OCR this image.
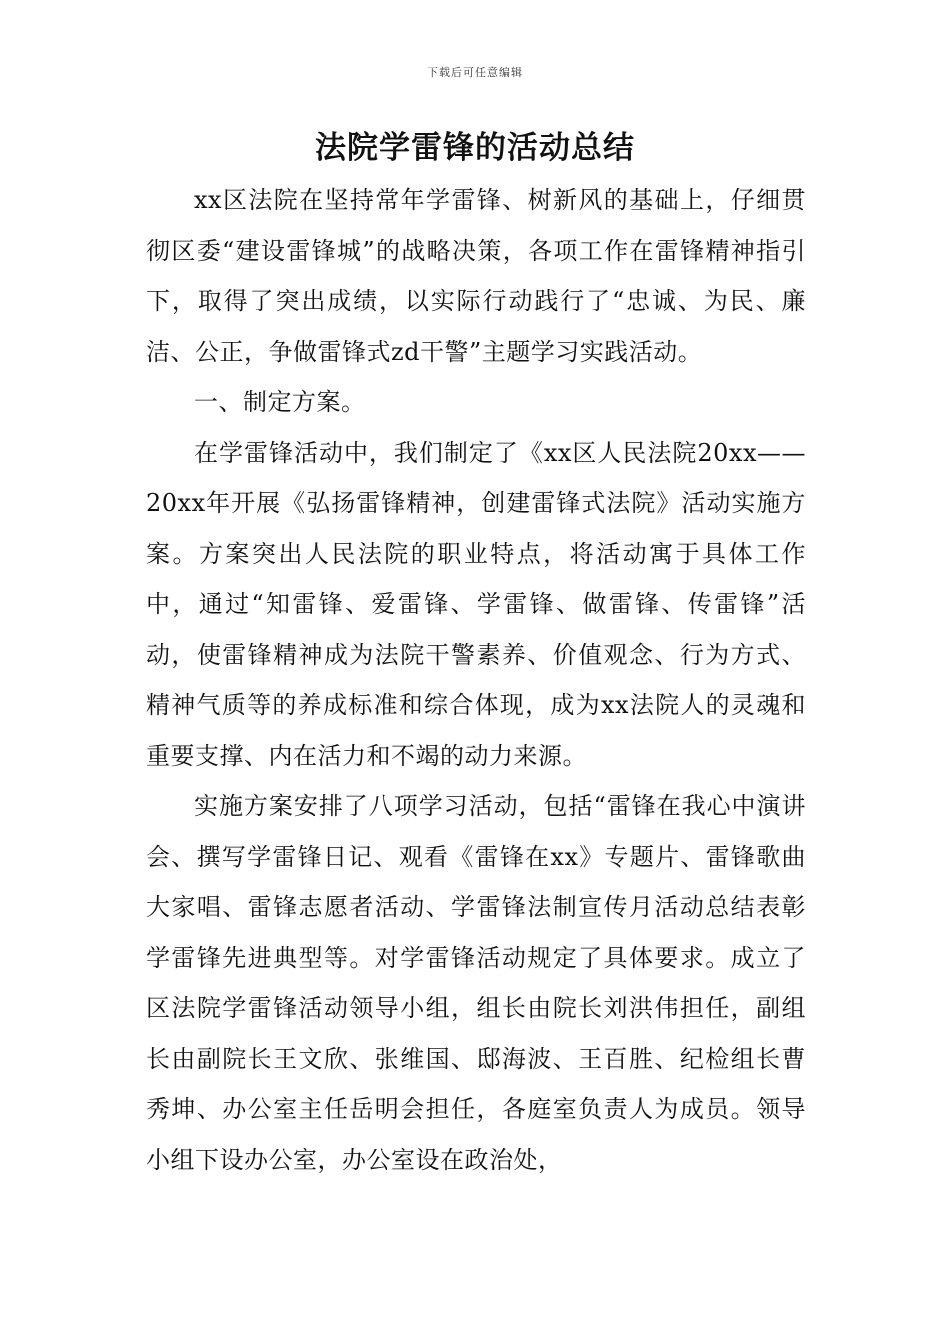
下载后可任意编辑
法院学雷锋的活动总结

xx区法院在坚持常年学雷锋、树新风的基础上，仔细贯彻区委“建设雷锋城”的战略决策，各项工作在雷锋精神指引下，取得了突出成绩，以实际行动践行了“忠诚、为民、廉洁、公正，争做雷锋式zd干警”主题学习实践活动。

一、制定方案。

在学雷锋活动中，我们制定了《xx区人民法院20xx——20xx年开展《弘扬雷锋精神，创建雷锋式法院》活动实施方案。方案突出人民法院的职业特点，将活动寓于具体工作中，通过“知雷锋、爱雷锋、学雷锋、做雷锋、传雷锋”活动，使雷锋精神成为法院干警素养、价值观念、行为方式、精神气质等的养成标准和综合体现，成为xx法院人的灵魂和重要支撑、内在活力和不竭的动力来源。

实施方案安排了八项学习活动，包括“雷锋在我心中演讲会、撰写学雷锋日记、观看《雷锋在xx》专题片、雷锋歌曲大家唱、雷锋志愿者活动、学雷锋法制宣传月活动总结表彰学雷锋先进典型等。对学雷锋活动规定了具体要求。成立了区法院学雷锋活动领导小组，组长由院长刘洪伟担任，副组长由副院长王文欣、张维国、邸海波、王百胜、纪检组长曹秀坤、办公室主任岳明会担任，各庭室负责人为成员。领导小组下设办公室，办公室设在政治处，
